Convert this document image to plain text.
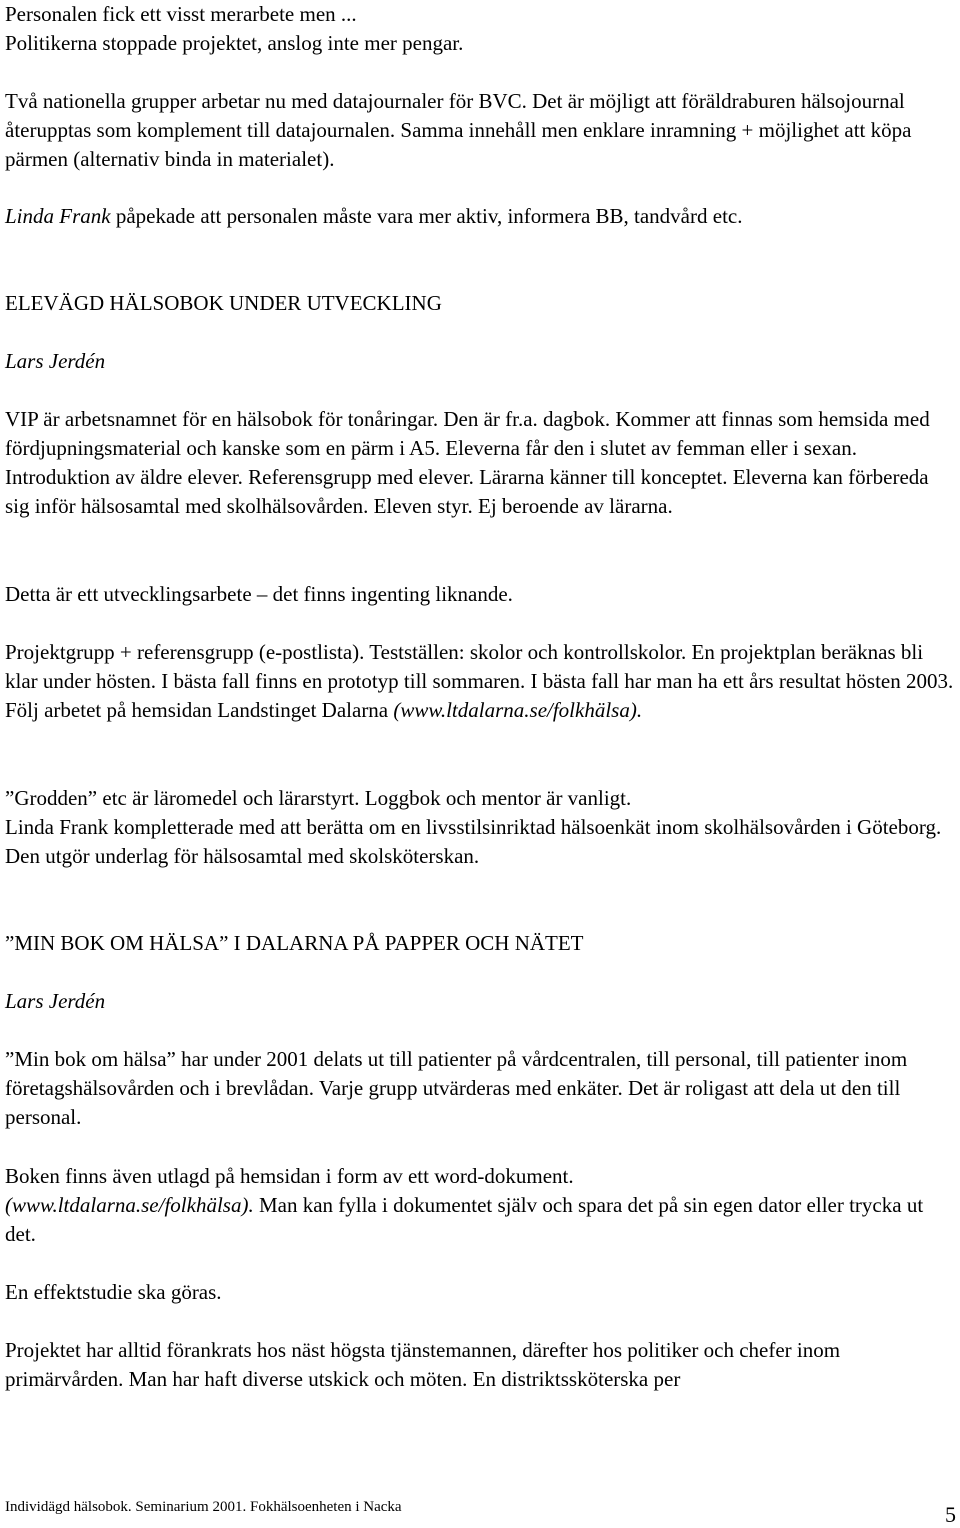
Personalen fick ett visst merarbete men ...

Politikerna stoppade projektet, anslog inte mer pengar.

Två nationella grupper arbetar nu med datajournaler för BVC. Det är möjligt att föräldraburen hälsojournal återupptas som komplement till datajournalen. Samma innehåll men enklare inramning + möjlighet att köpa pärmen (alternativ binda in materialet).

Linda Frank påpekade att personalen måste vara mer aktiv, informera BB, tandvård etc.

ELEVÄGD HÄLSOBOK UNDER UTVECKLING
Lars Jerdén

VIP är arbetsnamnet för en hälsobok för tonåringar. Den är fr.a. dagbok. Kommer att finnas som hemsida med fördjupningsmaterial och kanske som en pärm i A5. Eleverna får den i slutet av femman eller i sexan. Introduktion av äldre elever. Referensgrupp med elever. Lärarna känner till konceptet. Eleverna kan förbereda sig inför hälsosamtal med skolhälsovården. Eleven styr. Ej beroende av lärarna.

Detta är ett utvecklingsarbete – det finns ingenting liknande.

Projektgrupp + referensgrupp (e-postlista). Testställen: skolor och kontrollskolor. En projektplan beräknas bli klar under hösten. I bästa fall finns en prototyp till sommaren. I bästa fall har man ha ett års resultat hösten 2003. Följ arbetet på hemsidan Landstinget Dalarna (www.ltdalarna.se/folkhälsa).

”Grodden” etc är läromedel och lärarstyrt. Loggbok och mentor är vanligt.

Linda Frank kompletterade med att berätta om en livsstilsinriktad hälsoenkät inom skolhälsovården i Göteborg. Den utgör underlag för hälsosamtal med skolsköterskan.

”MIN BOK OM HÄLSA” I DALARNA PÅ PAPPER OCH NÄTET
Lars Jerdén

”Min bok om hälsa” har under 2001 delats ut till patienter på vårdcentralen, till personal, till patienter inom företagshälsovården och i brevlådan. Varje grupp utvärderas med enkäter. Det är roligast att dela ut den till personal.

Boken finns även utlagd på hemsidan i form av ett word-dokument.

(www.ltdalarna.se/folkhälsa). Man kan fylla i dokumentet själv och spara det på sin egen dator eller trycka ut det.

En effektstudie ska göras.

Projektet har alltid förankrats hos näst högsta tjänstemannen, därefter hos politiker och chefer inom primärvården. Man har haft diverse utskick och möten. En distriktssköterska per

Individägd hälsobok. Seminarium 2001. Fokhälsoenheten i Nacka	5
